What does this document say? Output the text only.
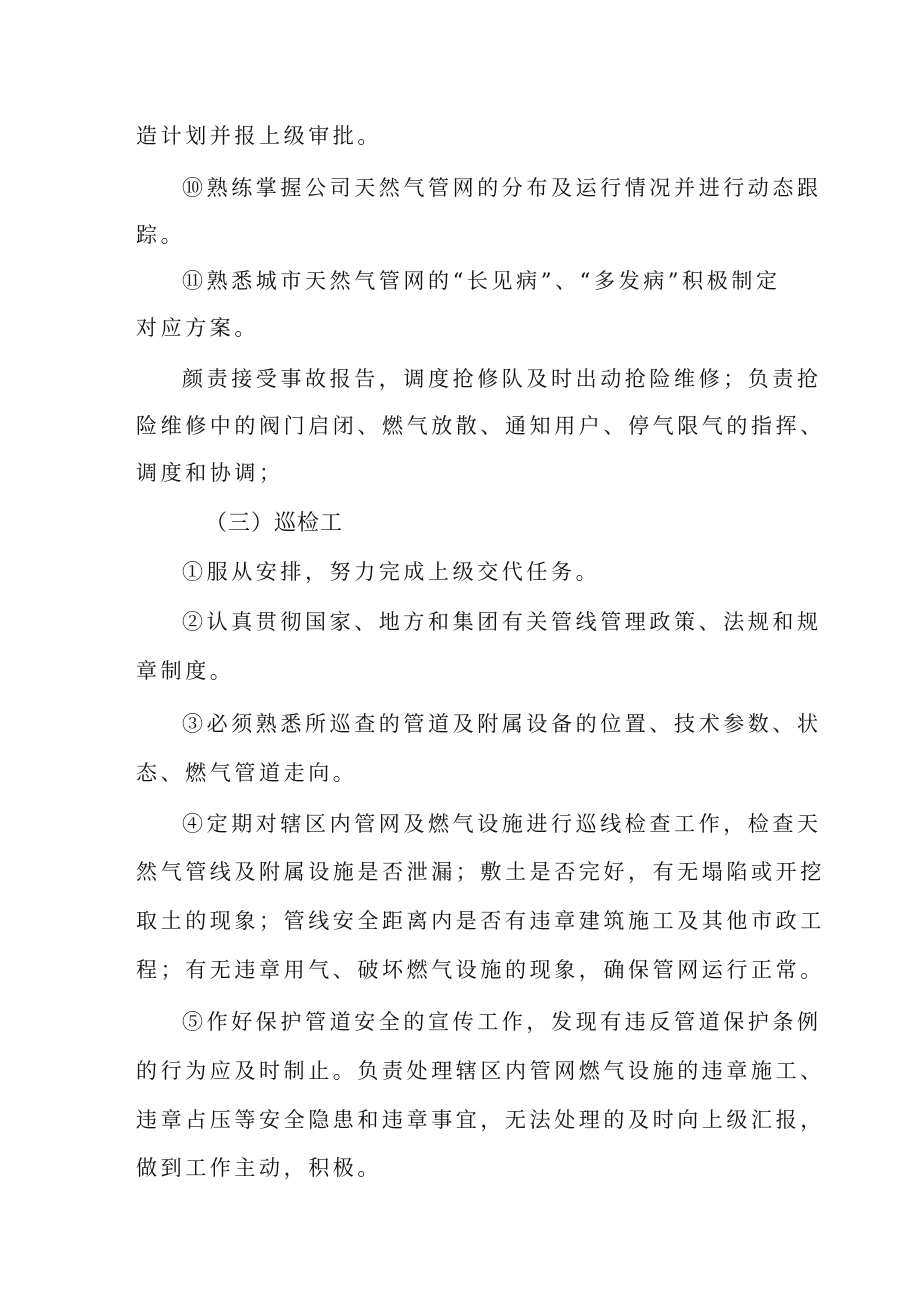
造计划并报上级审批。
⑩熟练掌握公司天然气管网的分布及运行情况并进行动态跟
踪。
⑪熟悉城市天然气管网的“长见病”、“多发病”积极制定
对应方案。
颜责接受事故报告，调度抢修队及时出动抢险维修；负责抢
险维修中的阀门启闭、燃气放散、通知用户、停气限气的指挥、
调度和协调；
（三）巡检工
①服从安排，努力完成上级交代任务。
②认真贯彻国家、地方和集团有关管线管理政策、法规和规
章制度。
③必须熟悉所巡查的管道及附属设备的位置、技术参数、状
态、燃气管道走向。
④定期对辖区内管网及燃气设施进行巡线检查工作，检查天
然气管线及附属设施是否泄漏；敷土是否完好，有无塌陷或开挖
取土的现象；管线安全距离内是否有违章建筑施工及其他市政工
程；有无违章用气、破坏燃气设施的现象，确保管网运行正常。
⑤作好保护管道安全的宣传工作，发现有违反管道保护条例
的行为应及时制止。负责处理辖区内管网燃气设施的违章施工、
违章占压等安全隐患和违章事宜，无法处理的及时向上级汇报，
做到工作主动，积极。
